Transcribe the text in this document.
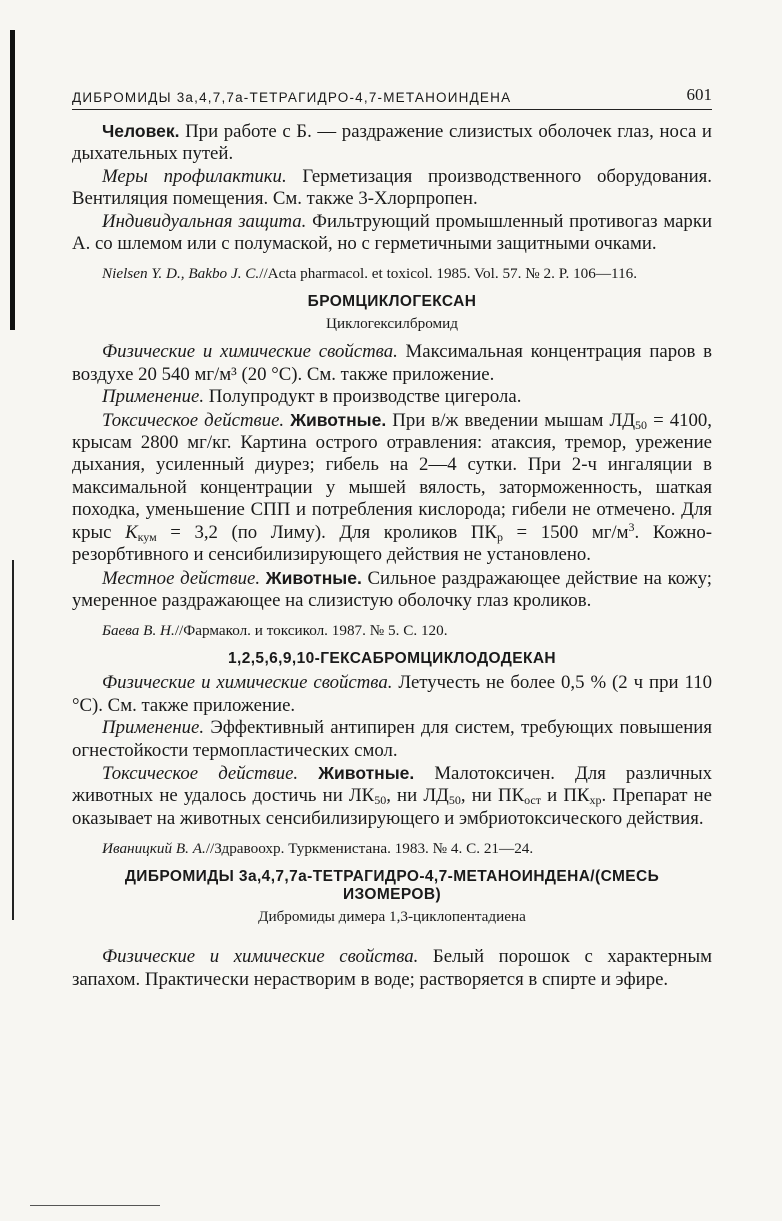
ДИБРОМИДЫ 3а,4,7,7а-ТЕТРАГИДРО-4,7-МЕТАНОИНДЕНА	601

Человек. При работе с Б. — раздражение слизистых оболочек глаз, носа и дыхательных путей.

Меры профилактики. Герметизация производственного оборудования. Вентиляция помещения. См. также 3-Хлорпропен.

Индивидуальная защита. Фильтрующий промышленный противогаз марки А. со шлемом или с полумаской, но с герметичными защитными очками.

Nielsen Y. D., Bakbo J. C.//Acta pharmacol. et toxicol. 1985. Vol. 57. № 2. P. 106—116.

БРОМЦИКЛОГЕКСАН
Циклогексилбромид

Физические и химические свойства. Максимальная концентрация паров в воздухе 20 540 мг/м³ (20 °С). См. также приложение.

Применение. Полупродукт в производстве цигерола.

Токсическое действие. Животные. При в/ж введении мышам $ЛД_{50} = 4100$, крысам 2800 мг/кг. Картина острого отравления: атаксия, тремор, урежение дыхания, усиленный диурез; гибель на 2—4 сутки. При 2-ч ингаляции в максимальной концентрации у мышей вялость, заторможенность, шаткая походка, уменьшение СПП и потребления кислорода; гибели не отмечено. Для крыс $K_{кум} = 3,2$ (по Лиму). Для кроликов $ПК_р = 1500$ $мг/м^3$. Кожно-резорбтивного и сенсибилизирующего действия не установлено.

Местное действие. Животные. Сильное раздражающее действие на кожу; умеренное раздражающее на слизистую оболочку глаз кроликов.

Баева В. Н.//Фармакол. и токсикол. 1987. № 5. С. 120.

1,2,5,6,9,10-ГЕКСАБРОМЦИКЛОДОДЕКАН

Физические и химические свойства. Летучесть не более 0,5 % (2 ч при 110 °С). См. также приложение.

Применение. Эффективный антипирен для систем, требующих повышения огнестойкости термопластических смол.

Токсическое действие. Животные. Малотоксичен. Для различных животных не удалось достичь ни $ЛК_{50}$, ни $ЛД_{50}$, ни $ПК_{ост}$ и $ПК_{хр}$. Препарат не оказывает на животных сенсибилизирующего и эмбриотоксического действия.

Иваницкий В. А.//Здравоохр. Туркменистана. 1983. № 4. С. 21—24.

ДИБРОМИДЫ 3а,4,7,7а-ТЕТРАГИДРО-4,7-МЕТАНОИНДЕНА/(СМЕСЬ
ИЗОМЕРОВ)
Дибромиды димера 1,3-циклопентадиена

Физические и химические свойства. Белый порошок с характерным запахом. Практически нерастворим в воде; растворяется в спирте и эфире.
